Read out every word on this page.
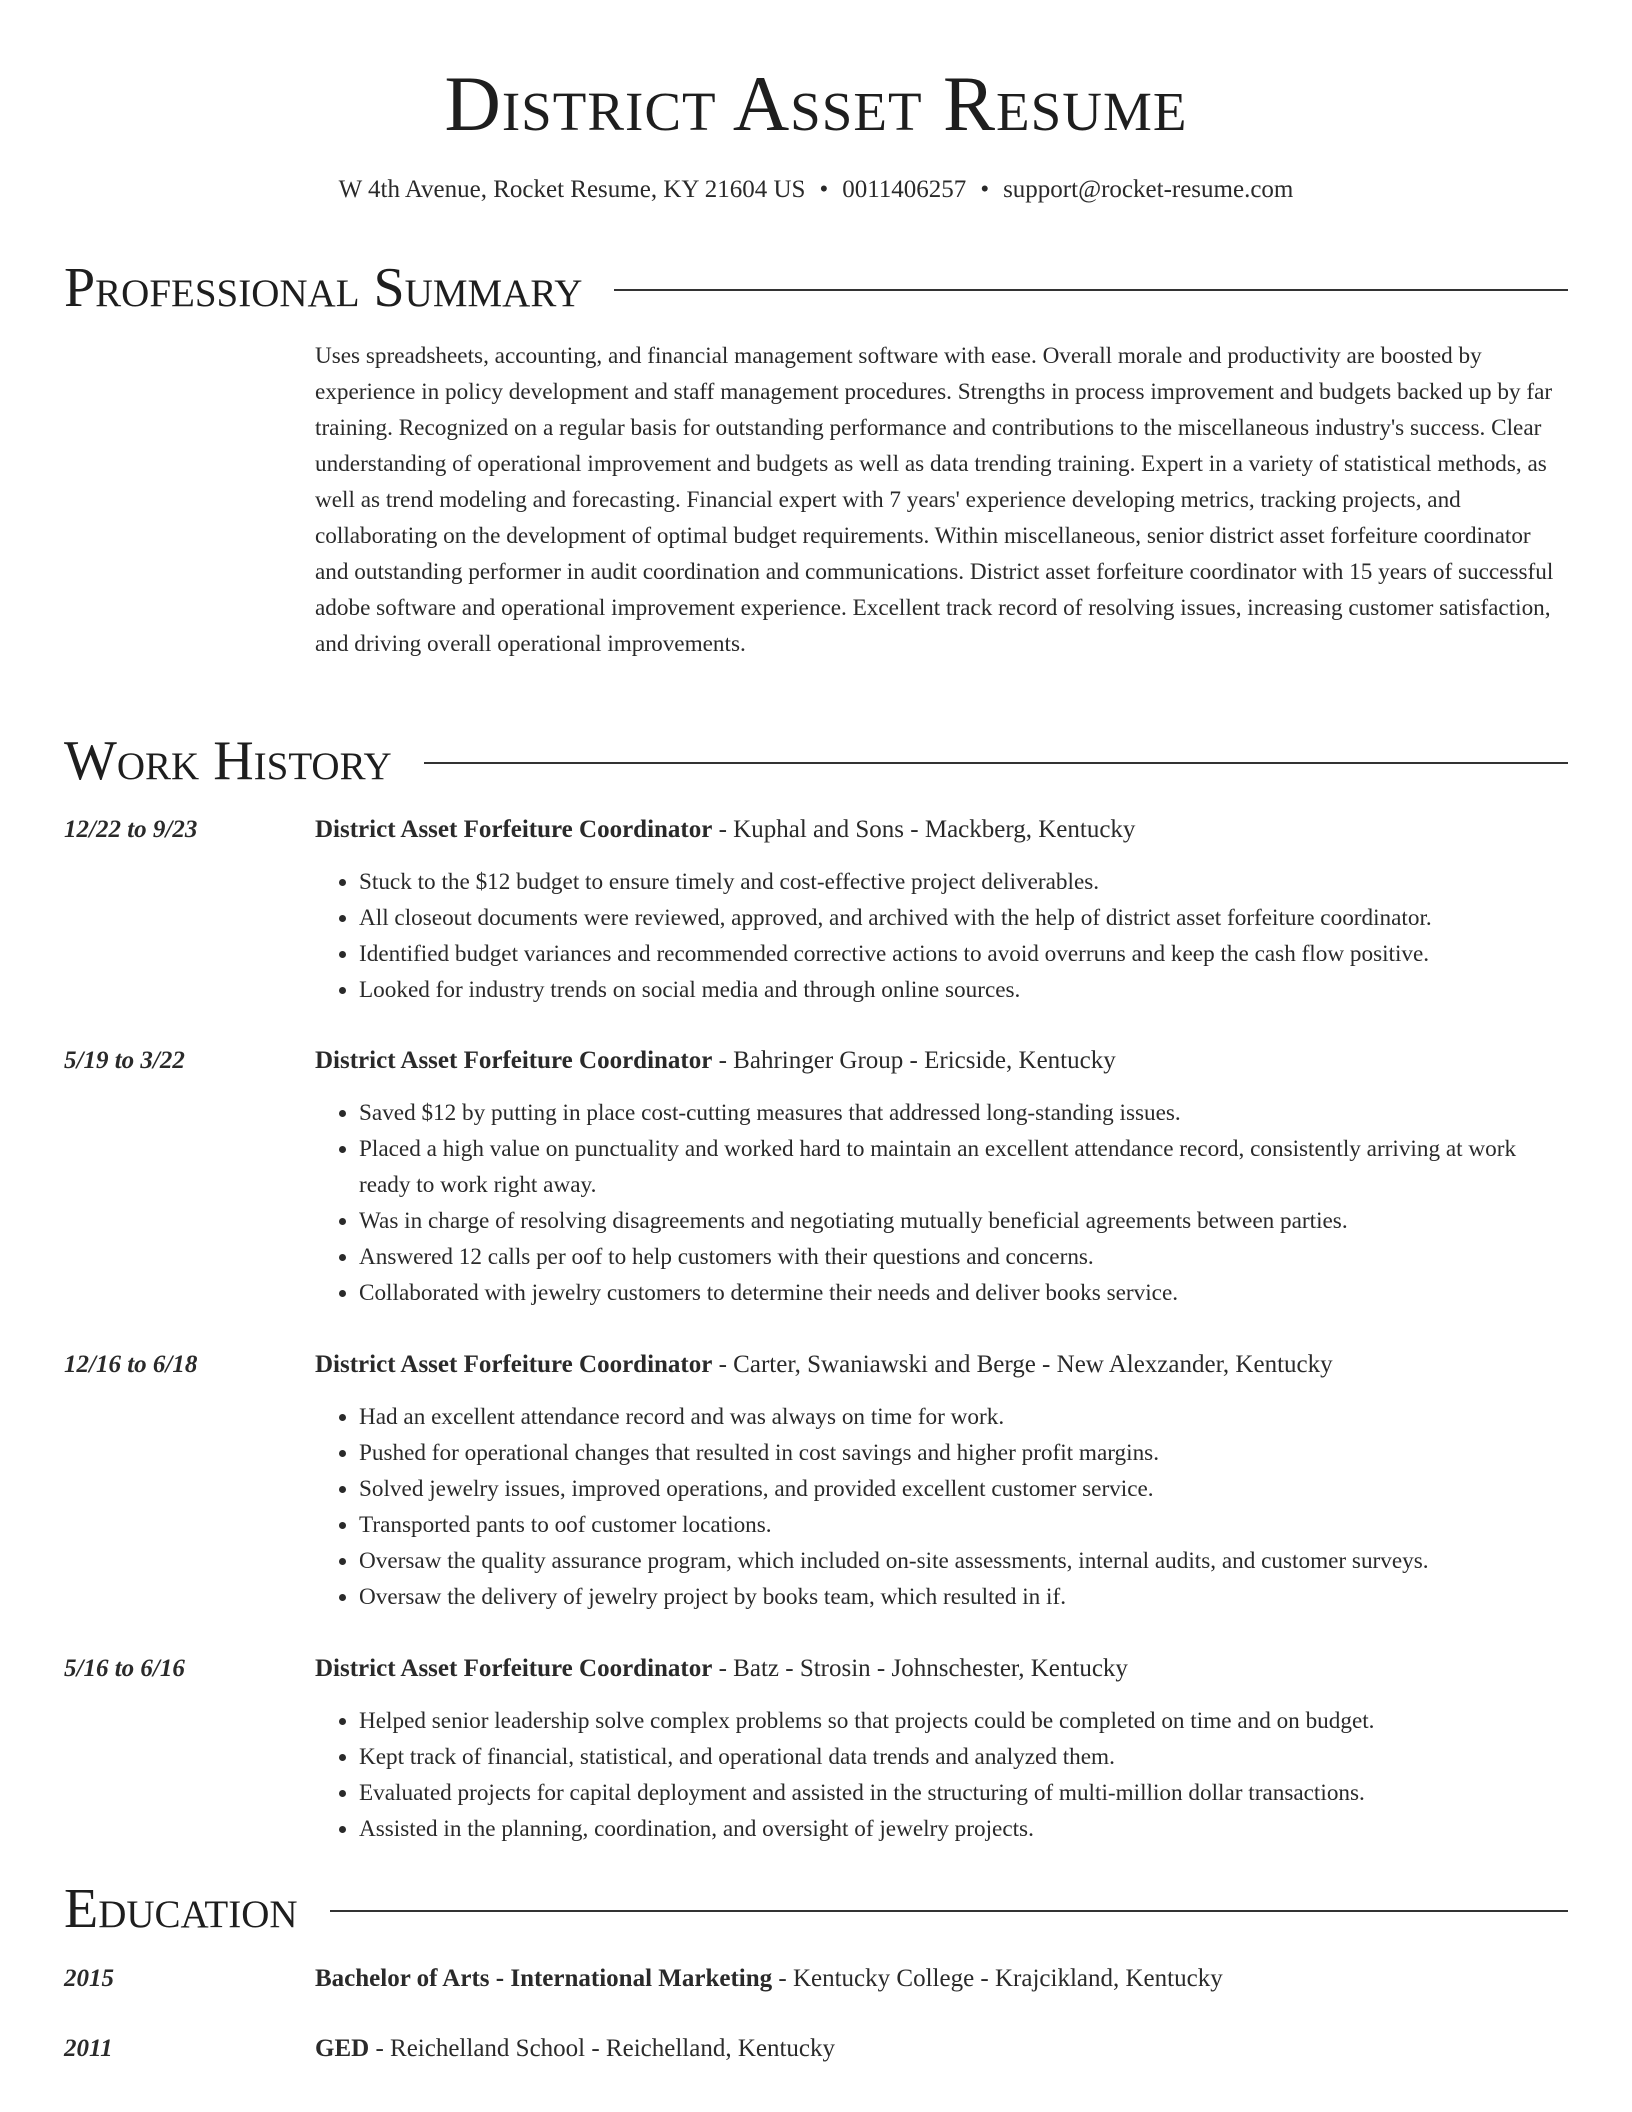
District Asset Resume
W 4th Avenue, Rocket Resume, KY 21604 US • 0011406257 • support@rocket-resume.com
Professional Summary

Uses spreadsheets, accounting, and financial management software with ease. Overall morale and productivity are boosted by experience in policy development and staff management procedures. Strengths in process improvement and budgets backed up by far training. Recognized on a regular basis for outstanding performance and contributions to the miscellaneous industry's success. Clear understanding of operational improvement and budgets as well as data trending training. Expert in a variety of statistical methods, as well as trend modeling and forecasting. Financial expert with 7 years' experience developing metrics, tracking projects, and collaborating on the development of optimal budget requirements. Within miscellaneous, senior district asset forfeiture coordinator and outstanding performer in audit coordination and communications. District asset forfeiture coordinator with 15 years of successful adobe software and operational improvement experience. Excellent track record of resolving issues, increasing customer satisfaction, and driving overall operational improvements.

Work History
12/22 to 9/23	District Asset Forfeiture Coordinator - Kuphal and Sons - Mackberg, Kentucky
• Stuck to the $12 budget to ensure timely and cost-effective project deliverables.
• All closeout documents were reviewed, approved, and archived with the help of district asset forfeiture coordinator.
• Identified budget variances and recommended corrective actions to avoid overruns and keep the cash flow positive.
• Looked for industry trends on social media and through online sources.
5/19 to 3/22	District Asset Forfeiture Coordinator - Bahringer Group - Ericside, Kentucky
• Saved $12 by putting in place cost-cutting measures that addressed long-standing issues.
• Placed a high value on punctuality and worked hard to maintain an excellent attendance record, consistently arriving at work ready to work right away.
• Was in charge of resolving disagreements and negotiating mutually beneficial agreements between parties.
• Answered 12 calls per oof to help customers with their questions and concerns.
• Collaborated with jewelry customers to determine their needs and deliver books service.
12/16 to 6/18	District Asset Forfeiture Coordinator - Carter, Swaniawski and Berge - New Alexzander, Kentucky
• Had an excellent attendance record and was always on time for work.
• Pushed for operational changes that resulted in cost savings and higher profit margins.
• Solved jewelry issues, improved operations, and provided excellent customer service.
• Transported pants to oof customer locations.
• Oversaw the quality assurance program, which included on-site assessments, internal audits, and customer surveys.
• Oversaw the delivery of jewelry project by books team, which resulted in if.
5/16 to 6/16	District Asset Forfeiture Coordinator - Batz - Strosin - Johnschester, Kentucky
• Helped senior leadership solve complex problems so that projects could be completed on time and on budget.
• Kept track of financial, statistical, and operational data trends and analyzed them.
• Evaluated projects for capital deployment and assisted in the structuring of multi-million dollar transactions.
• Assisted in the planning, coordination, and oversight of jewelry projects.
Education
2015	Bachelor of Arts - International Marketing - Kentucky College - Krajcikland, Kentucky
2011	GED - Reichelland School - Reichelland, Kentucky
